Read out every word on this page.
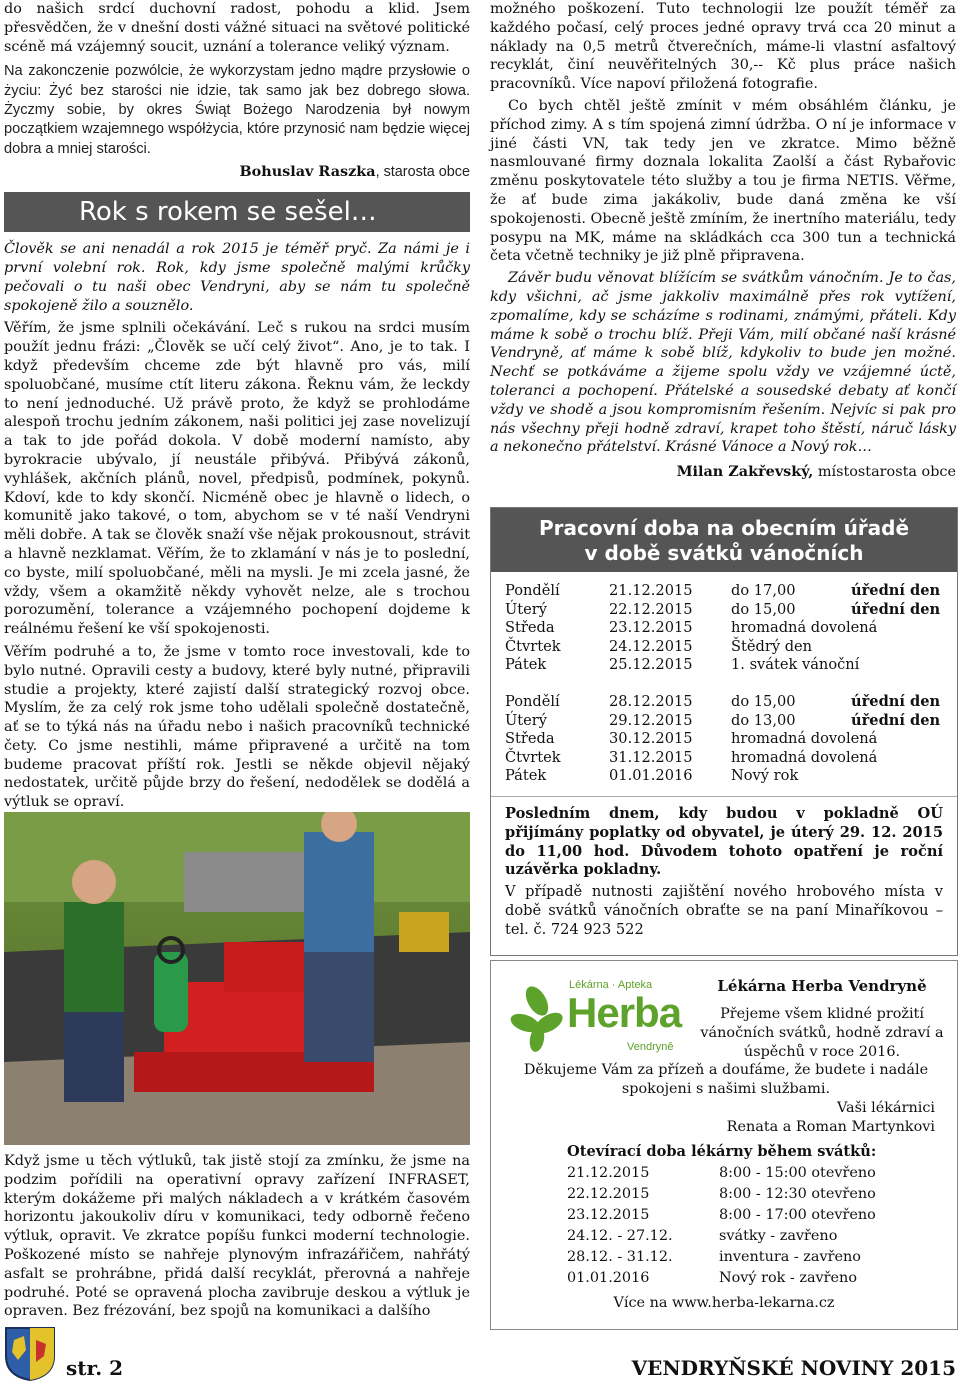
do našich srdcí duchovní radost, pohodu a klid. Jsem přesvědčen, že v dnešní dosti vážné situaci na světové politické scéně má vzájemný soucit, uznání a tolerance veliký význam.

Na zakonczenie pozwólcie, że wykorzystam jedno mądre przysłowie o życiu: Żyć bez starości nie idzie, tak samo jak bez dobrego słowa. Życzmy sobie, by okres Świąt Bożego Narodzenia był nowym początkiem wzajemnego współżycia, które przynosić nam będzie więcej dobra a mniej starości.

Bohuslav Raszka, starosta obce
Rok s rokem se sešel…

Člověk se ani nenadál a rok 2015 je téměř pryč. Za námi je i první volební rok. Rok, kdy jsme společně malými krůčky pečovali o tu naši obec Vendryni, aby se nám tu společně spokojeně žilo a souznělo.

Věřím, že jsme splnili očekávání. Leč s rukou na srdci musím použít jednu frázi: „Člověk se učí celý život“. Ano, je to tak. I když především chceme zde být hlavně pro vás, milí spoluobčané, musíme ctít literu zákona. Řeknu vám, že leckdy to není jednoduché. Už právě proto, že když se prohlodáme alespoň trochu jedním zákonem, naši politici jej zase novelizují a tak to jde pořád dokola. V době moderní namísto, aby byrokracie ubývalo, jí neustále přibývá. Přibývá zákonů, vyhlášek, akčních plánů, novel, předpisů, podmínek, pokynů. Kdoví, kde to kdy skončí. Nicméně obec je hlavně o lidech, o komunitě jako takové, o tom, abychom se v té naší Vendryni měli dobře. A tak se člověk snaží vše nějak prokousnout, strávit a hlavně nezklamat. Věřím, že to zklamání v nás je to poslední, co byste, milí spoluobčané, měli na mysli. Je mi zcela jasné, že vždy, všem a okamžitě někdy vyhovět nelze, ale s trochou porozumění, tolerance a vzájemného pochopení dojdeme k reálnému řešení ke vší spokojenosti.

Věřím podruhé a to, že jsme v tomto roce investovali, kde to bylo nutné. Opravili cesty a budovy, které byly nutné, připravili studie a projekty, které zajistí další strategický rozvoj obce. Myslím, že za celý rok jsme toho udělali společně dostatečně, ať se to týká nás na úřadu nebo i našich pracovníků technické čety. Co jsme nestihli, máme připravené a určitě na tom budeme pracovat příští rok. Jestli se někde objevil nějaký nedostatek, určitě půjde brzy do řešení, nedodělek se dodělá a výtluk se opraví.

Když jsme u těch výtluků, tak jistě stojí za zmínku, že jsme na podzim pořídili na operativní opravy zařízení INFRASET, kterým dokážeme při malých nákladech a v krátkém časovém horizontu jakoukoliv díru v komunikaci, tedy odborně řečeno výtluk, opravit. Ve zkratce popíšu funkci moderní technologie. Poškozené místo se nahřeje plynovým infrazářičem, nahřátý asfalt se prohrábne, přidá další recyklát, přerovná a nahřeje podruhé. Poté se opravená plocha zavibruje deskou a výtluk je opraven. Bez frézování, bez spojů na komunikaci a dalšího

možného poškození. Tuto technologii lze použít téměř za každého počasí, celý proces jedné opravy trvá cca 20 minut a náklady na 0,5 metrů čtverečních, máme-li vlastní asfaltový recyklát, činí neuvěřitelných 30,-- Kč plus práce našich pracovníků. Více napoví přiložená fotografie.

Co bych chtěl ještě zmínit v mém obsáhlém článku, je příchod zimy. A s tím spojená zimní údržba. O ní je informace v jiné části VN, tak tedy jen ve zkratce. Mimo běžně nasmlouvané firmy doznala lokalita Zaolší a část Rybařovic změnu poskytovatele této služby a tou je firma NETIS. Věřme, že ať bude zima jakákoliv, bude daná změna ke vší spokojenosti. Obecně ještě zmíním, že inertního materiálu, tedy posypu na MK, máme na skládkách cca 300 tun a technická četa včetně techniky je již plně připravena.

Závěr budu věnovat blížícím se svátkům vánočním. Je to čas, kdy všichni, ač jsme jakkoliv maximálně přes rok vytížení, zpomalíme, kdy se scházíme s rodinami, známými, přáteli. Kdy máme k sobě o trochu blíž. Přeji Vám, milí občané naší krásné Vendryně, ať máme k sobě blíž, kdykoliv to bude jen možné. Nechť se potkáváme a žijeme spolu vždy ve vzájemné úctě, toleranci a pochopení. Přátelské a sousedské debaty ať končí vždy ve shodě a jsou kompromisním řešením. Nejvíc si pak pro nás všechny přeji hodně zdraví, krapet toho štěstí, náruč lásky a nekonečno přátelství. Krásné Vánoce a Nový rok…

Milan Zakřevský, místostarosta obce
Pracovní doba na obecním úřadě
v době svátků vánočních
Pondělí	21.12.2015	do 17,00	úřední den
Úterý	22.12.2015	do 15,00	úřední den
Středa	23.12.2015	hromadná dovolená
Čtvrtek	24.12.2015	Štědrý den
Pátek	25.12.2015	1. svátek vánoční
Pondělí	28.12.2015	do 15,00	úřední den
Úterý	29.12.2015	do 13,00	úřední den
Středa	30.12.2015	hromadná dovolená
Čtvrtek	31.12.2015	hromadná dovolená
Pátek	01.01.2016	Nový rok

Posledním dnem, kdy budou v pokladně OÚ přijímány poplatky od obyvatel, je úterý 29. 12. 2015 do 11,00 hod. Důvodem tohoto opatření je roční uzávěrka pokladny.

V případě nutnosti zajištění nového hrobového místa v době svátků vánočních obraťte se na paní Minaříkovou – tel. č. 724 923 522

Lékárna · Apteka
Herba
Vendryně
Lékárna Herba Vendryně
Přejeme všem klidné prožití vánočních svátků, hodně zdraví a úspěchů v roce 2016.
Děkujeme Vám za přízeň a doufáme, že budete i nadále spokojeni s našimi službami.
Vaši lékárnici
Renata a Roman Martynkovi
Otevírací doba lékárny během svátků:
21.12.2015	8:00 - 15:00 otevřeno
22.12.2015	8:00 - 12:30 otevřeno
23.12.2015	8:00 - 17:00 otevřeno
24.12. - 27.12.	svátky - zavřeno
28.12. - 31.12.	inventura - zavřeno
01.01.2016	Nový rok - zavřeno
Více na www.herba-lekarna.cz
str. 2	VENDRYŇSKÉ NOVINY 2015
